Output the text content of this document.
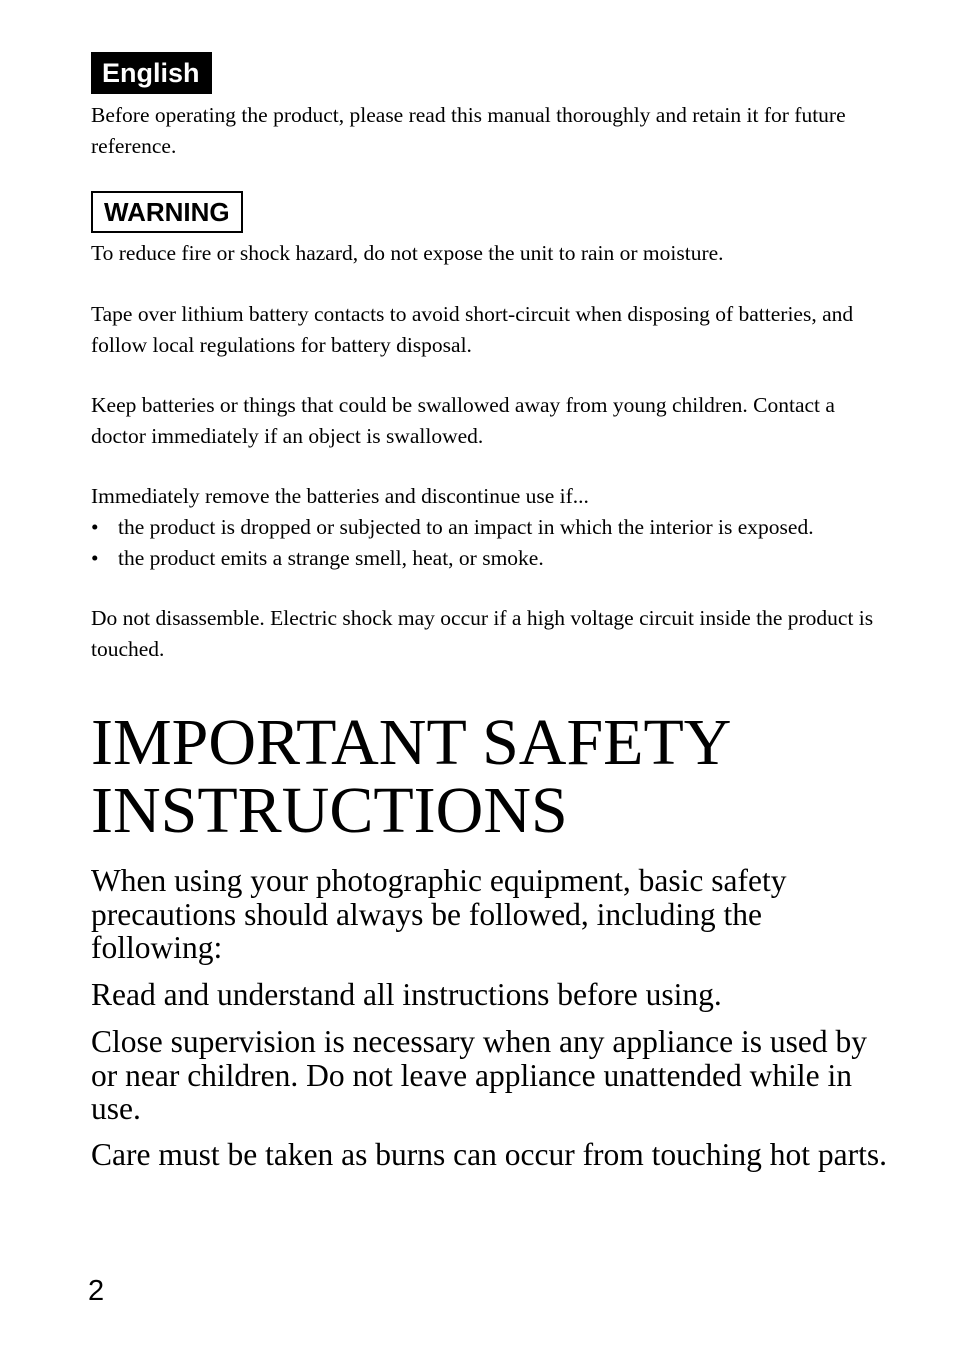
English

Before operating the product, please read this manual thoroughly and retain it for future reference.

WARNING

To reduce fire or shock hazard, do not expose the unit to rain or moisture.

Tape over lithium battery contacts to avoid short-circuit when disposing of batteries, and follow local regulations for battery disposal.

Keep batteries or things that could be swallowed away from young children. Contact a doctor immediately if an object is swallowed.

Immediately remove the batteries and discontinue use if...

• the product is dropped or subjected to an impact in which the interior is exposed.
• the product emits a strange smell, heat, or smoke.

Do not disassemble. Electric shock may occur if a high voltage circuit inside the product is touched.

IMPORTANT SAFETY INSTRUCTIONS

When using your photographic equipment, basic safety precautions should always be followed, including the following:

Read and understand all instructions before using.

Close supervision is necessary when any appliance is used by or near children. Do not leave appliance unattended while in use.

Care must be taken as burns can occur from touching hot parts.

2
